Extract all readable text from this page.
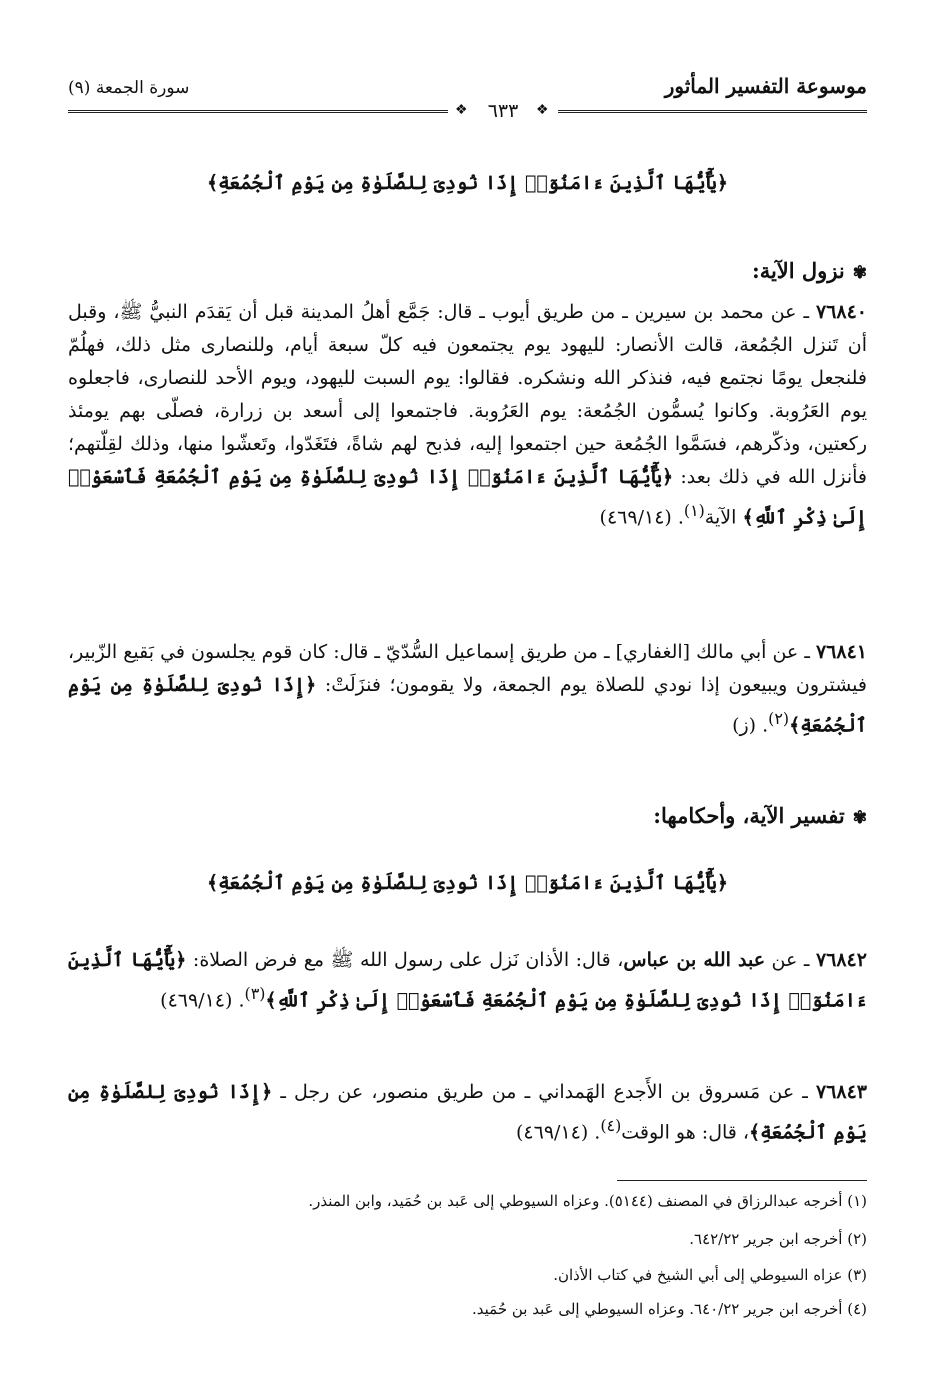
موسوعة التفسير المأثور
سورة الجمعة (٩)
❖	٦٣٣	❖
﴿يَٰٓأَيُّهَا ٱلَّذِينَ ءَامَنُوٓا۟ إِذَا نُودِىَ لِلصَّلَوٰةِ مِن يَوْمِ ٱلْجُمُعَةِ﴾
✾نزول الآية:
٧٦٨٤٠ ـ عن محمد بن سيرين ـ من طريق أيوب ـ قال: جَمَّع أهلُ المدينة قبل أن يَقدَم النبيُّ ﷺ، وقبل أن تَنزل الجُمُعة، قالت الأنصار: لليهود يوم يجتمعون فيه كلّ سبعة أيام، وللنصارى مثل ذلك، فهلُمّ فلنجعل يومًا نجتمع فيه، فنذكر الله ونشكره. فقالوا: يوم السبت لليهود، ويوم الأحد للنصارى، فاجعلوه يوم العَرُوبة. وكانوا يُسمُّون الجُمُعة: يوم العَرُوبة. فاجتمعوا إلى أسعد بن زرارة، فصلّى بهم يومئذ ركعتين، وذكّرهم، فسَمَّوا الجُمُعة حين اجتمعوا إليه، فذبح لهم شاةً، فتَغَدّوا، وتَعشّوا منها، وذلك لقِلّتهم؛ فأنزل الله في ذلك بعد: ﴿يَٰٓأَيُّهَا ٱلَّذِينَ ءَامَنُوٓا۟ إِذَا نُودِىَ لِلصَّلَوٰةِ مِن يَوْمِ ٱلْجُمُعَةِ فَٱسْعَوْا۟ إِلَىٰ ذِكْرِ ٱللَّهِ﴾ الآية$^{(١)}$. (٤٦٩/١٤)
٧٦٨٤١ ـ عن أبي مالك [الغفاري] ـ من طريق إسماعيل السُّدّيّ ـ قال: كان قوم يجلسون في بَقيع الزّبير، فيشترون ويبيعون إذا نودي للصلاة يوم الجمعة، ولا يقومون؛ فنزَلَتْ: ﴿إِذَا نُودِىَ لِلصَّلَوٰةِ مِن يَوْمِ ٱلْجُمُعَةِ﴾$^{(٢)}$. (ز)
✾تفسير الآية، وأحكامها:
﴿يَٰٓأَيُّهَا ٱلَّذِينَ ءَامَنُوٓا۟ إِذَا نُودِىَ لِلصَّلَوٰةِ مِن يَوْمِ ٱلْجُمُعَةِ﴾
٧٦٨٤٢ ـ عن عبد الله بن عباس، قال: الأذان نَزل على رسول الله ﷺ مع فرض الصلاة: ﴿يَٰٓأَيُّهَا ٱلَّذِينَ ءَامَنُوٓا۟ إِذَا نُودِىَ لِلصَّلَوٰةِ مِن يَوْمِ ٱلْجُمُعَةِ فَٱسْعَوْا۟ إِلَىٰ ذِكْرِ ٱللَّهِ﴾$^{(٣)}$. (٤٦٩/١٤)
٧٦٨٤٣ ـ عن مَسروق بن الأَجدع الهَمداني ـ من طريق منصور، عن رجل ـ ﴿إِذَا نُودِىَ لِلصَّلَوٰةِ مِن يَوْمِ ٱلْجُمُعَةِ﴾، قال: هو الوقت$^{(٤)}$. (٤٦٩/١٤)
(١) أخرجه عبدالرزاق في المصنف (٥١٤٤). وعزاه السيوطي إلى عَبد بن حُمَيد، وابن المنذر.
(٢) أخرجه ابن جرير ٦٤٢/٢٢.
(٣) عزاه السيوطي إلى أبي الشيخ في كتاب الأذان.
(٤) أخرجه ابن جرير ٦٤٠/٢٢. وعزاه السيوطي إلى عَبد بن حُمَيد.
